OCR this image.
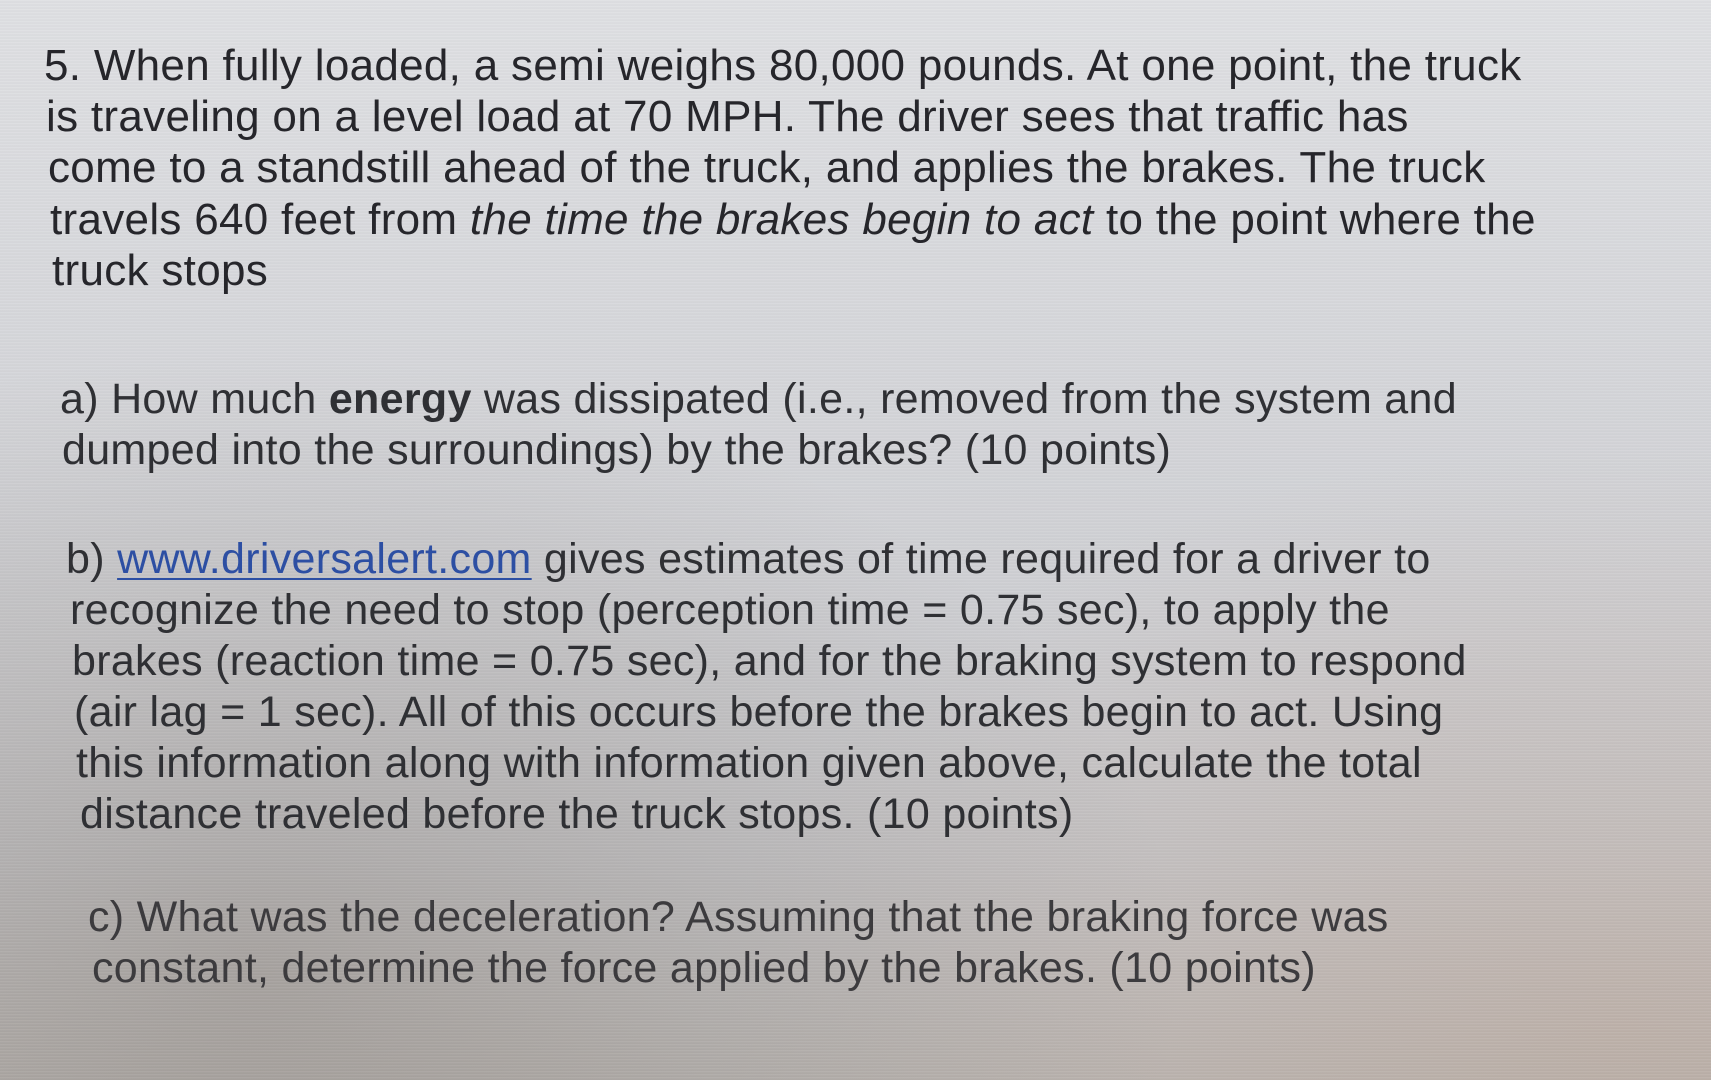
5. When fully loaded, a semi weighs 80,000 pounds. At one point, the truck
is traveling on a level load at 70 MPH. The driver sees that traffic has
come to a standstill ahead of the truck, and applies the brakes. The truck
travels 640 feet from the time the brakes begin to act to the point where the
truck stops
a) How much energy was dissipated (i.e., removed from the system and
dumped into the surroundings) by the brakes? (10 points)
b) www.driversalert.com gives estimates of time required for a driver to
recognize the need to stop (perception time = 0.75 sec), to apply the
brakes (reaction time = 0.75 sec), and for the braking system to respond
(air lag = 1 sec). All of this occurs before the brakes begin to act. Using
this information along with information given above, calculate the total
distance traveled before the truck stops. (10 points)
c) What was the deceleration? Assuming that the braking force was
constant, determine the force applied by the brakes. (10 points)
